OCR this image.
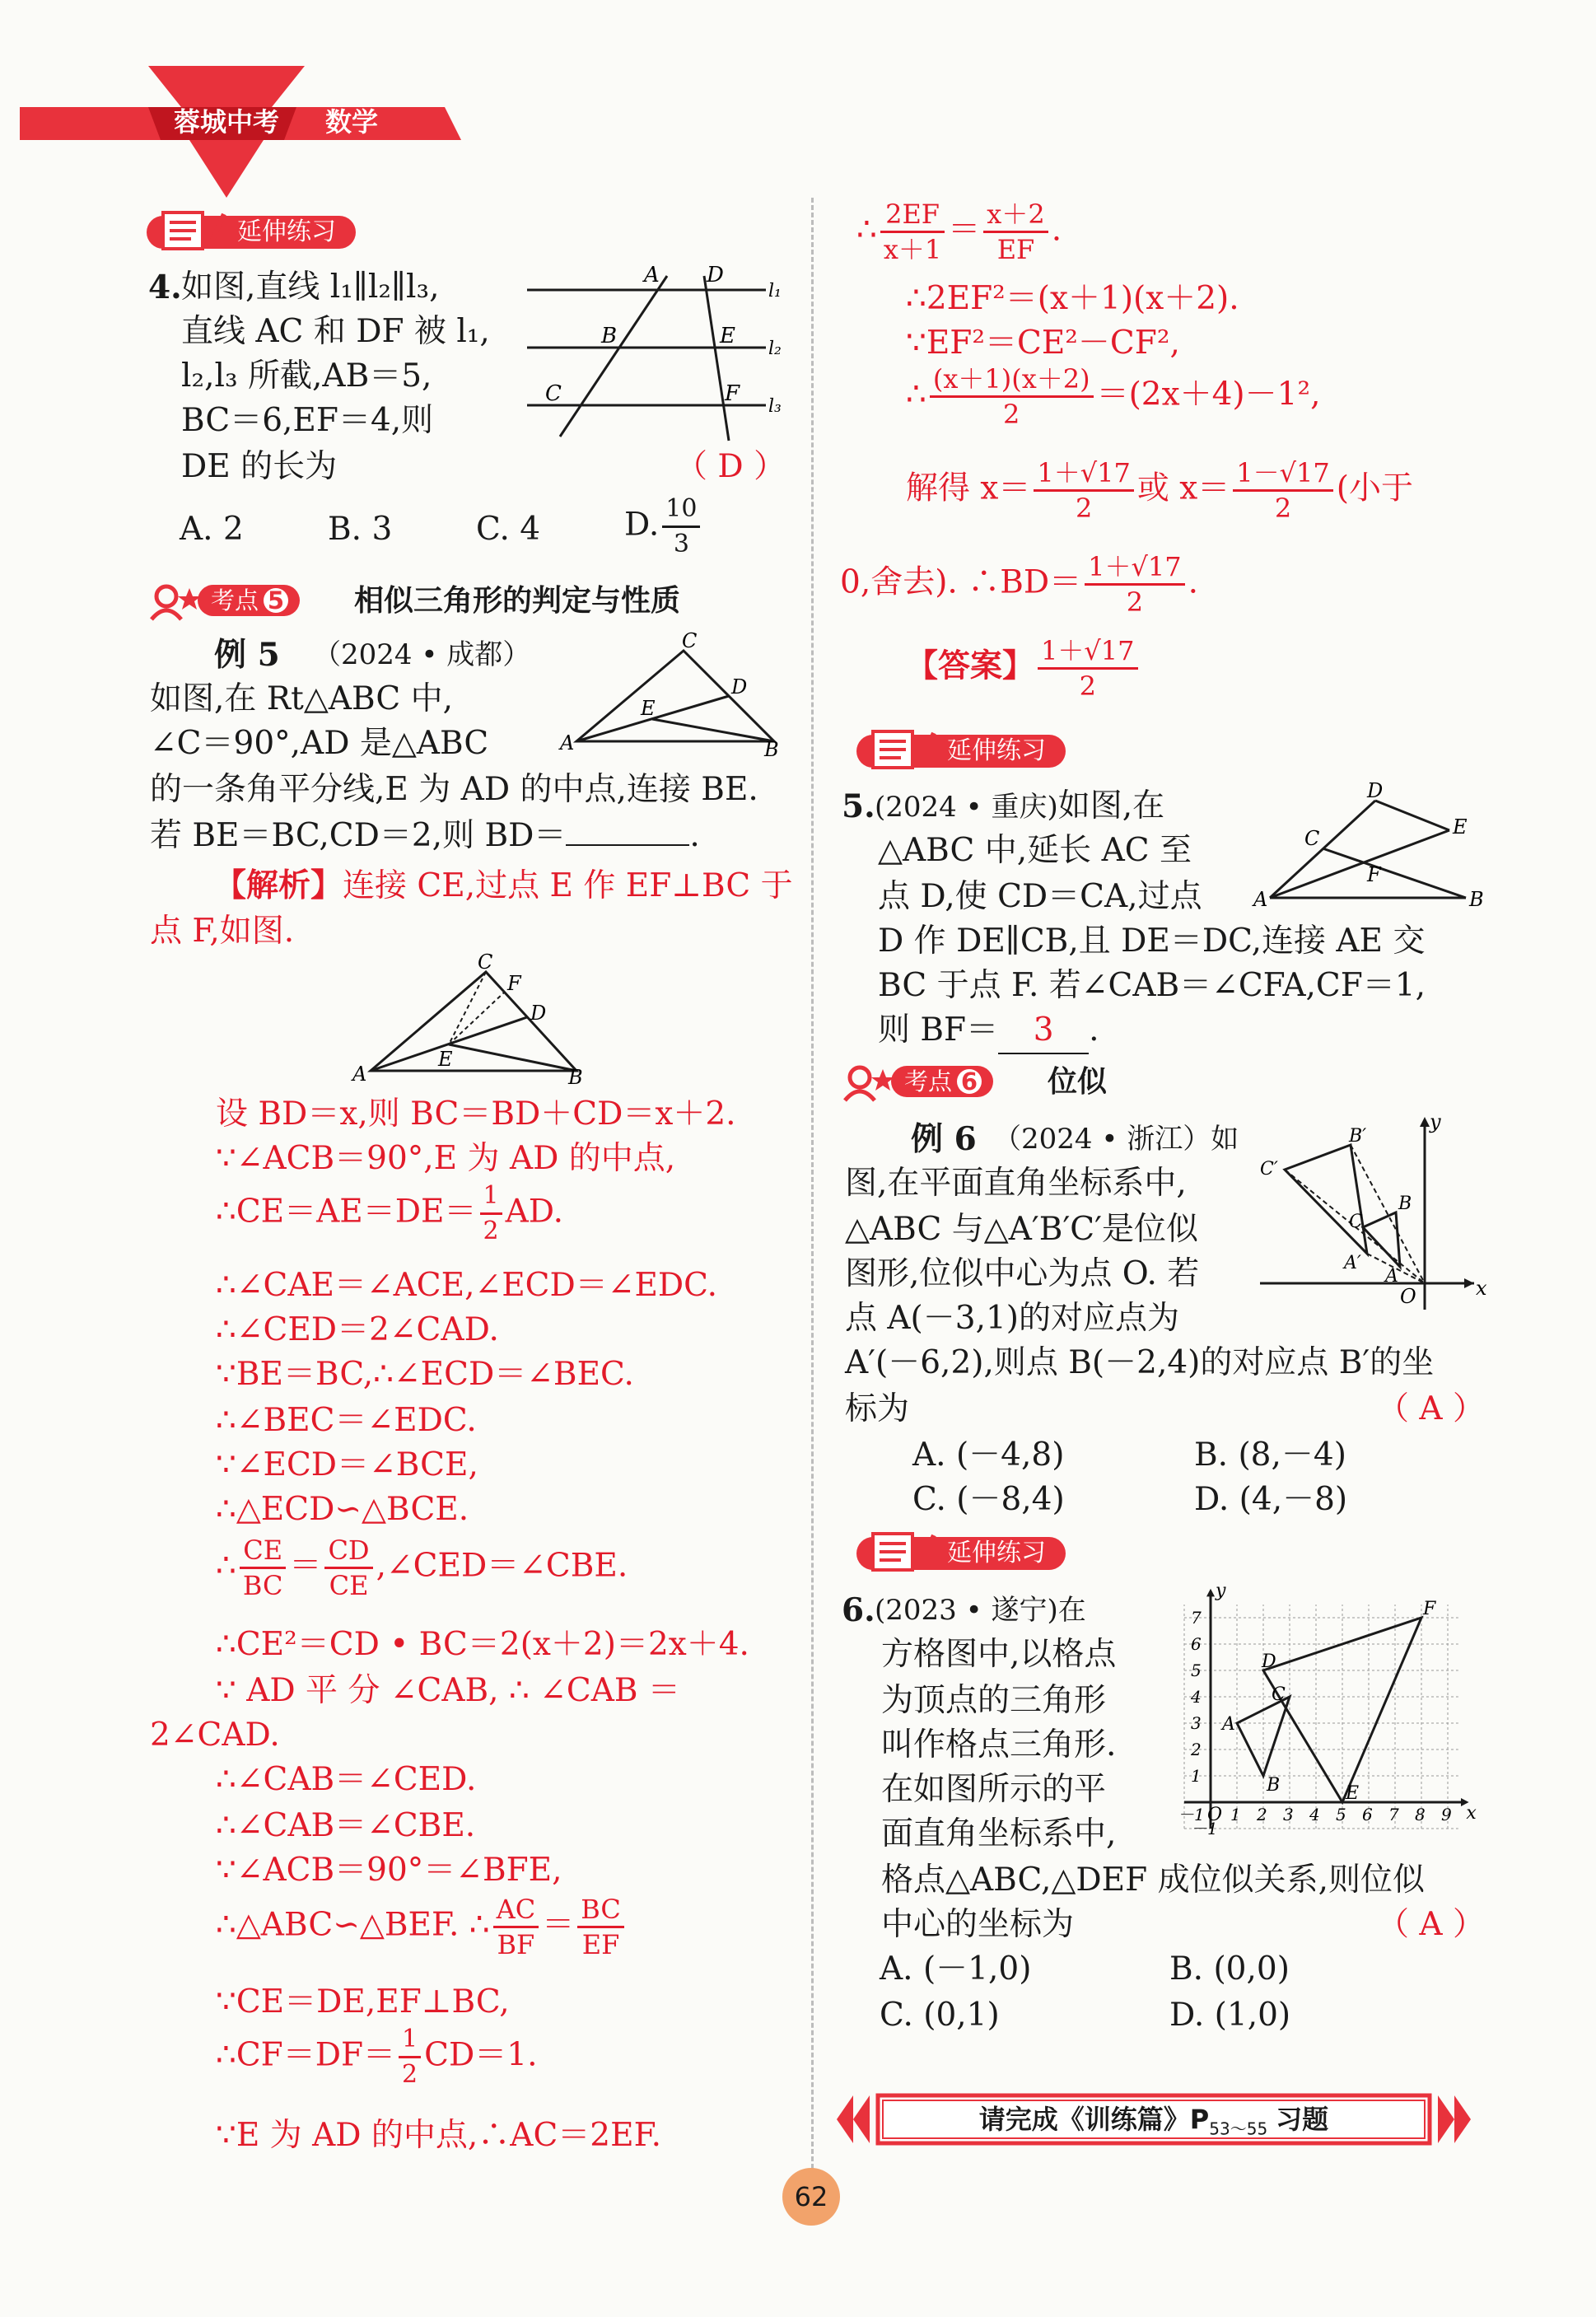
蓉城中考	数学
延伸练习
4. 如图,直线 l₁∥l₂∥l₃,
直线 AC 和 DF 被 l₁,
l₂,l₃ 所截,AB＝5,
BC＝6,EF＝4,则
DE 的长为	（ D ）
A D
B	E
C	F
l₁
l₂
l₃
A. 2	B. 3	C. 4	D. $\frac{10}{3}$
考点 5	相似三角形的判定与性质
例 5 （2024 • 成都）
如图,在 Rt△ABC 中,
∠C＝90°,AD 是△ABC
的一条角平分线,E 为 AD 的中点,连接 BE.
若 BE＝BC,CD＝2,则 BD＝	.
C
D
A	B
E
【解析】连接 CE,过点 E 作 EF⊥BC 于
点 F,如图.
C
F
D
A	B
E
设 BD＝x,则 BC＝BD＋CD＝x＋2.
∵∠ACB＝90°,E 为 AD 的中点,
∴CE＝AE＝DE＝ $\frac{1}{2}$ AD.
∴∠CAE＝∠ACE,∠ECD＝∠EDC.
∴∠CED＝2∠CAD.
∵BE＝BC,∴∠ECD＝∠BEC.
∴∠BEC＝∠EDC.
∵∠ECD＝∠BCE,
∴△ECD∽△BCE.
∴ $\frac{CE}{BC} = \frac{CD}{CE}$ ,∠CED＝∠CBE.
∴CE²＝CD • BC＝2(x＋2)＝2x＋4.
∵ AD 平 分 ∠CAB, ∴ ∠CAB ＝
2∠CAD.
∴∠CAB＝∠CED.
∴∠CAB＝∠CBE.
∵∠ACB＝90°＝∠BFE,
∴△ABC∽△BEF. ∴ $\frac{AC}{BF} = \frac{BC}{EF}$
∵CE＝DE,EF⊥BC,
∴CF＝DF＝ $\frac{1}{2} CD=1$.
∵E 为 AD 的中点,∴AC＝2EF.
∴ $\frac{2EF}{x+1} = \frac{x+2}{EF}$ .
∴2EF²＝(x＋1)(x＋2).
∵EF²＝CE²－CF²,
∴ $\frac{(x+1)(x+2)}{2} =(2x+4)-1^2$,
解得 $x= \frac{1+√17}{2}$ 或 $x= \frac{1-√17}{2}$ (小于
0,舍去). ∴BD＝ $\frac{1+√17}{2}$ .
【答案】 $\frac{1+√17}{2}$
延伸练习
5. (2024 • 重庆)如图,在
△ABC 中,延长 AC 至
点 D,使 CD＝CA,过点
D 作 DE∥CB,且 DE＝DC,连接 AE 交
BC 于点 F. 若∠CAB＝∠CFA,CF＝1,
则 BF＝ 3 .
D
E
C
F
A	B
考点 6	位似
例 6 （2024 • 浙江）如
图,在平面直角坐标系中,
△ABC 与△A′B′C′是位似
图形,位似中心为点 O. 若
点 A(－3,1)的对应点为
A′(－6,2),则点 B(－2,4)的对应点 B′的坐
标为	（ A ）
A. (－4,8)	B. (8,－4)
C. (－8,4)	D. (4,－8)
y
x
O
B′
C′
A′
B
C
A
延伸练习
6. (2023 • 遂宁)在
方格图中,以格点
为顶点的三角形
叫作格点三角形.
在如图所示的平
面直角坐标系中,
格点△ABC,△DEF 成位似关系,则位似
中心的坐标为	（ A ）
A. (－1,0)	B. (0,0)
C. (0,1)	D. (1,0)
A
B
C
D
E
F
y
x
O
－1 1 2 3 4 5 6 7 8 9
－1
1
2
3
4
5
6
7
请完成《训练篇》$P_{53\sim 55}$ 习题
62
